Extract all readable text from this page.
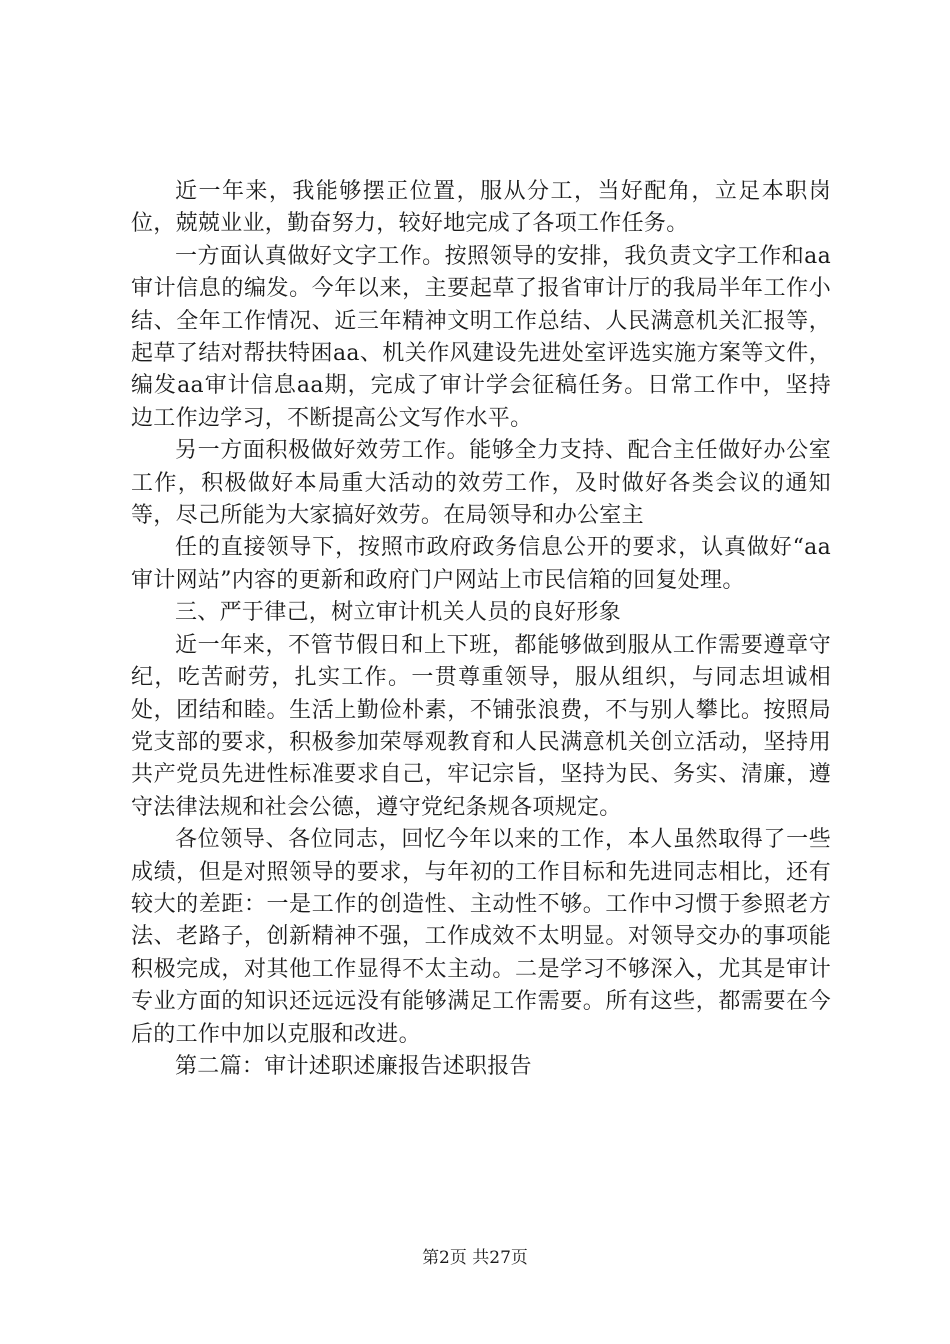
近一年来，我能够摆正位置，服从分工，当好配角，立足本职岗位，兢兢业业，勤奋努力，较好地完成了各项工作任务。

一方面认真做好文字工作。按照领导的安排，我负责文字工作和aa审计信息的编发。今年以来，主要起草了报省审计厅的我局半年工作小结、全年工作情况、近三年精神文明工作总结、人民满意机关汇报等，起草了结对帮扶特困aa、机关作风建设先进处室评选实施方案等文件，编发aa审计信息aa期，完成了审计学会征稿任务。日常工作中，坚持边工作边学习，不断提高公文写作水平。

另一方面积极做好效劳工作。能够全力支持、配合主任做好办公室工作，积极做好本局重大活动的效劳工作，及时做好各类会议的通知等，尽己所能为大家搞好效劳。在局领导和办公室主

任的直接领导下，按照市政府政务信息公开的要求，认真做好“aa审计网站”内容的更新和政府门户网站上市民信箱的回复处理。

三、严于律己，树立审计机关人员的良好形象

近一年来，不管节假日和上下班，都能够做到服从工作需要遵章守纪，吃苦耐劳，扎实工作。一贯尊重领导，服从组织，与同志坦诚相处，团结和睦。生活上勤俭朴素，不铺张浪费，不与别人攀比。按照局党支部的要求，积极参加荣辱观教育和人民满意机关创立活动，坚持用共产党员先进性标准要求自己，牢记宗旨，坚持为民、务实、清廉，遵守法律法规和社会公德，遵守党纪条规各项规定。

各位领导、各位同志，回忆今年以来的工作，本人虽然取得了一些成绩，但是对照领导的要求，与年初的工作目标和先进同志相比，还有较大的差距：一是工作的创造性、主动性不够。工作中习惯于参照老方法、老路子，创新精神不强，工作成效不太明显。对领导交办的事项能积极完成，对其他工作显得不太主动。二是学习不够深入，尤其是审计专业方面的知识还远远没有能够满足工作需要。所有这些，都需要在今后的工作中加以克服和改进。

第二篇：审计述职述廉报告述职报告

第2页 共27页
